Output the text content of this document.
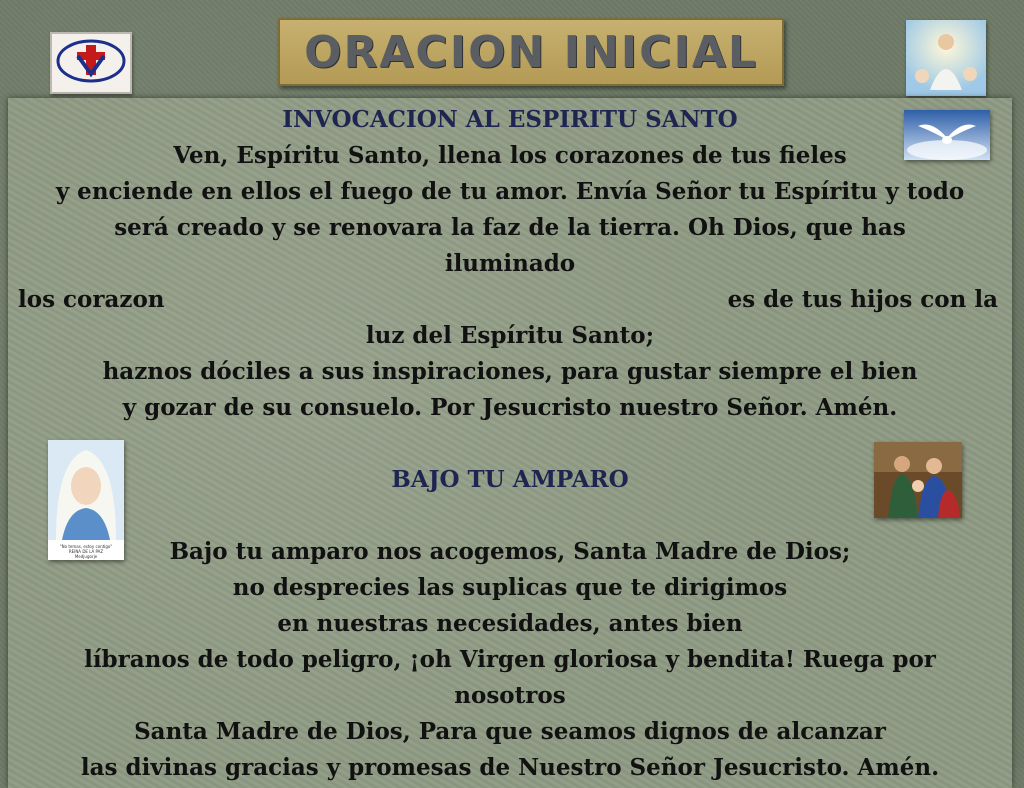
ORACION INICIAL
"No temas, estoy contigo"
REINA DE LA PAZ
Medjugorje
INVOCACION AL ESPIRITU SANTO
Ven, Espíritu Santo, llena los corazones de tus fieles
y enciende en ellos el fuego de tu amor. Envía Señor tu Espíritu y todo
será creado y se renovara la faz de la tierra. Oh Dios, que has
iluminado
los corazon	es de tus hijos con la
luz del Espíritu Santo;
haznos dóciles a sus inspiraciones, para gustar siempre el bien
y gozar de su consuelo. Por Jesucristo nuestro Señor. Amén.
BAJO TU AMPARO
Bajo tu amparo nos acogemos, Santa Madre de Dios;
no desprecies las suplicas que te dirigimos
en nuestras necesidades, antes bien
líbranos de todo peligro, ¡oh Virgen gloriosa y bendita! Ruega por
nosotros
Santa Madre de Dios, Para que seamos dignos de alcanzar
las divinas gracias y promesas de Nuestro Señor Jesucristo. Amén.
